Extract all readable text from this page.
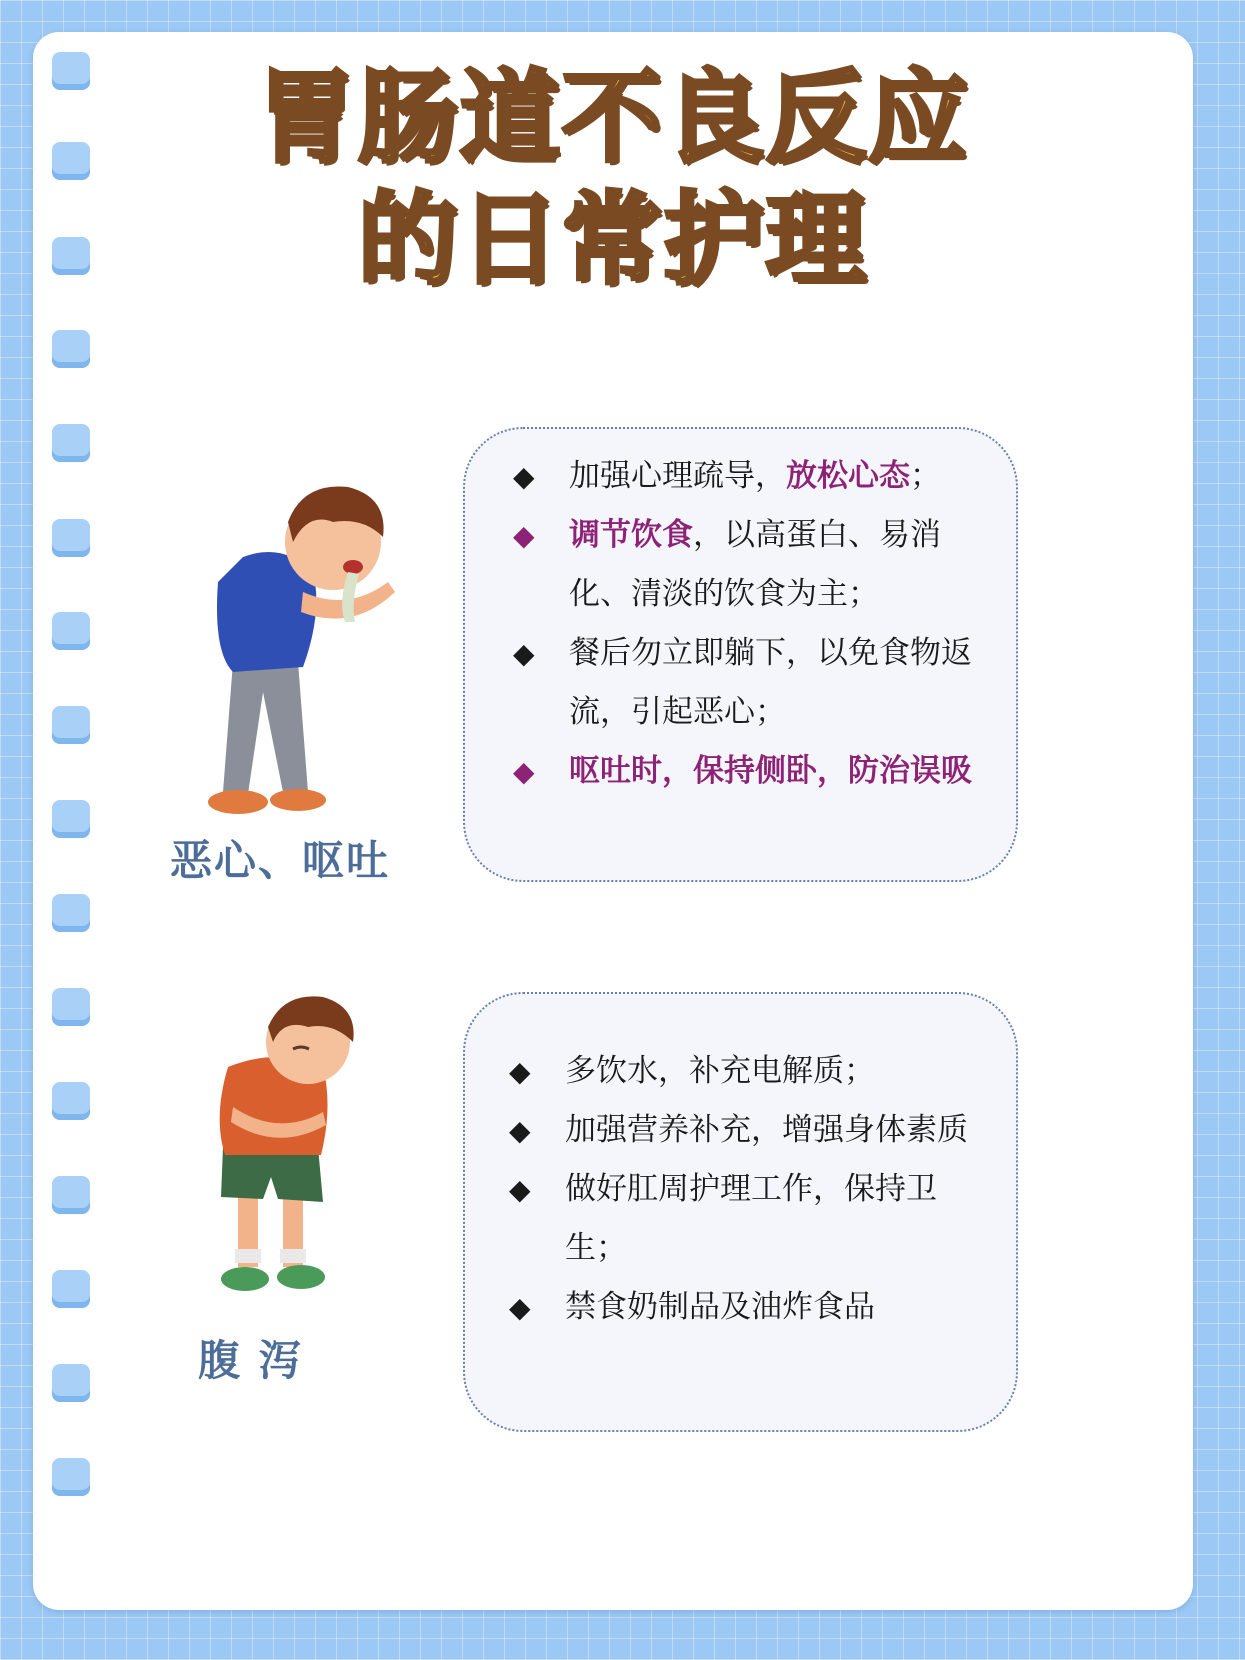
胃肠道不良反应
的日常护理
恶心、呕吐
◆ 加强心理疏导，放松心态；
◆ 调节饮食，以高蛋白、易消化、清淡的饮食为主；
◆ 餐后勿立即躺下，以免食物返流，引起恶心；
◆ 呕吐时，保持侧卧，防治误吸
腹 泻
◆ 多饮水，补充电解质；
◆ 加强营养补充，增强身体素质
◆ 做好肛周护理工作，保持卫生；
◆ 禁食奶制品及油炸食品
